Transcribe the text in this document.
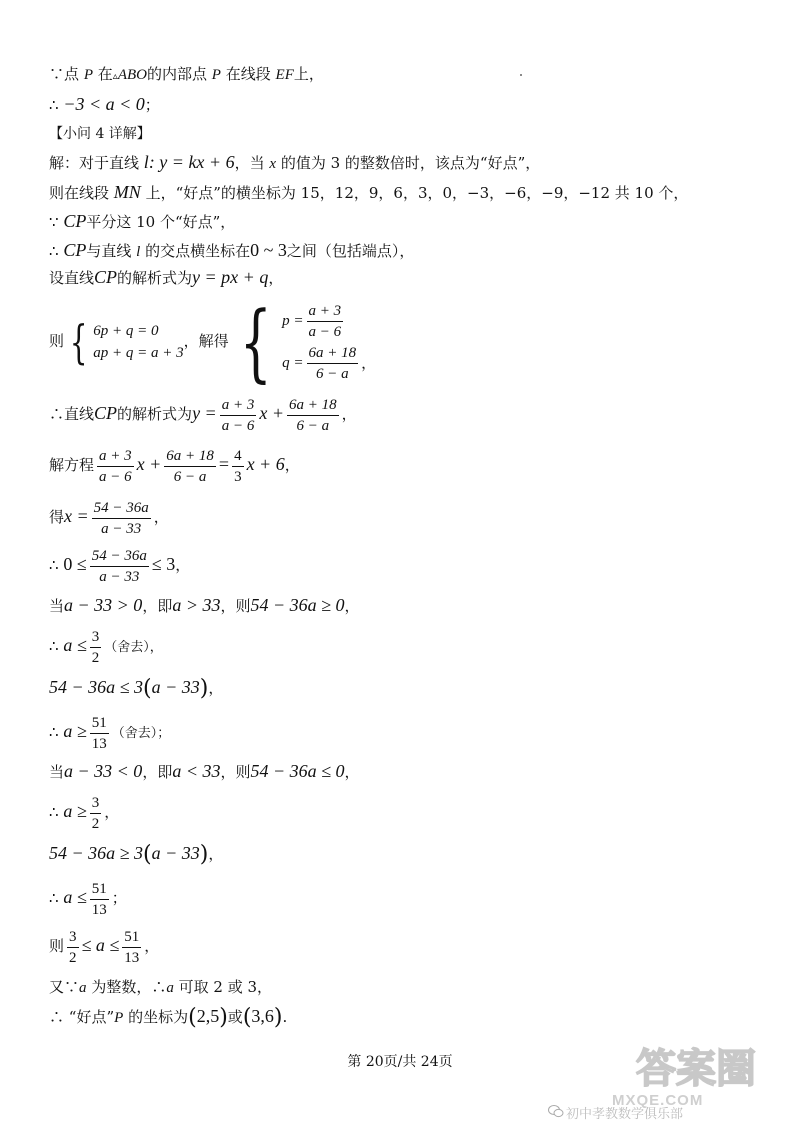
∵点 P 在▵ABO的内部点 P 在线段 EF上，
∴ −3 < a < 0；
【小问 4 详解】
解：对于直线 l: y = kx + 6，当 x 的值为 3 的整数倍时，该点为“好点”，
则在线段 MN 上，“好点”的横坐标为 15，12，9，6，3，0，−3，−6，−9，−12 共 10 个，
∵ CP平分这 10 个“好点”，
∴ CP与直线 l 的交点横坐标在0 ~ 3之间（包括端点），
设直线CP的解析式为y = px + q，
则 { 6p + q = 0
ap + q = a + 3
，解得 { $p = \frac{a + 3}{a - 6}$
$q = \frac{6a + 18}{6 - a}$ ，
∴直线CP的解析式为$y = \frac{a + 3}{a - 6}$ $x + \frac{6a + 18}{6 - a}$ ，
解方程 $\frac{a + 3}{a - 6}$ $x + \frac{6a + 18}{6 - a} = \frac{4}{3}$ x + 6，
得$x = \frac{54 - 36a}{a - 33}$ ，
∴ $0 \le \frac{54 - 36a}{a - 33} \le 3$，
当a − 33 > 0，即a > 33，则54 − 36a ≥ 0，
∴ $a \le \frac{3}{2}$ （舍去），
54 − 36a ≤ 3(a − 33)，
∴ $a \ge \frac{51}{13}$ （舍去）；
当a − 33 < 0，即a < 33，则54 − 36a ≤ 0，
∴ $a \ge \frac{3}{2}$ ，
54 − 36a ≥ 3(a − 33)，
∴ $a \le \frac{51}{13}$ ；
则 $\frac{3}{2} \le a \le \frac{51}{13}$ ，
又∵a 为整数，∴a 可取 2 或 3，
∴ “好点”P 的坐标为(2,5)或(3,6).
第 20页/共 24页	答案圈
MXQE.COM
初中孝教数学俱乐部
